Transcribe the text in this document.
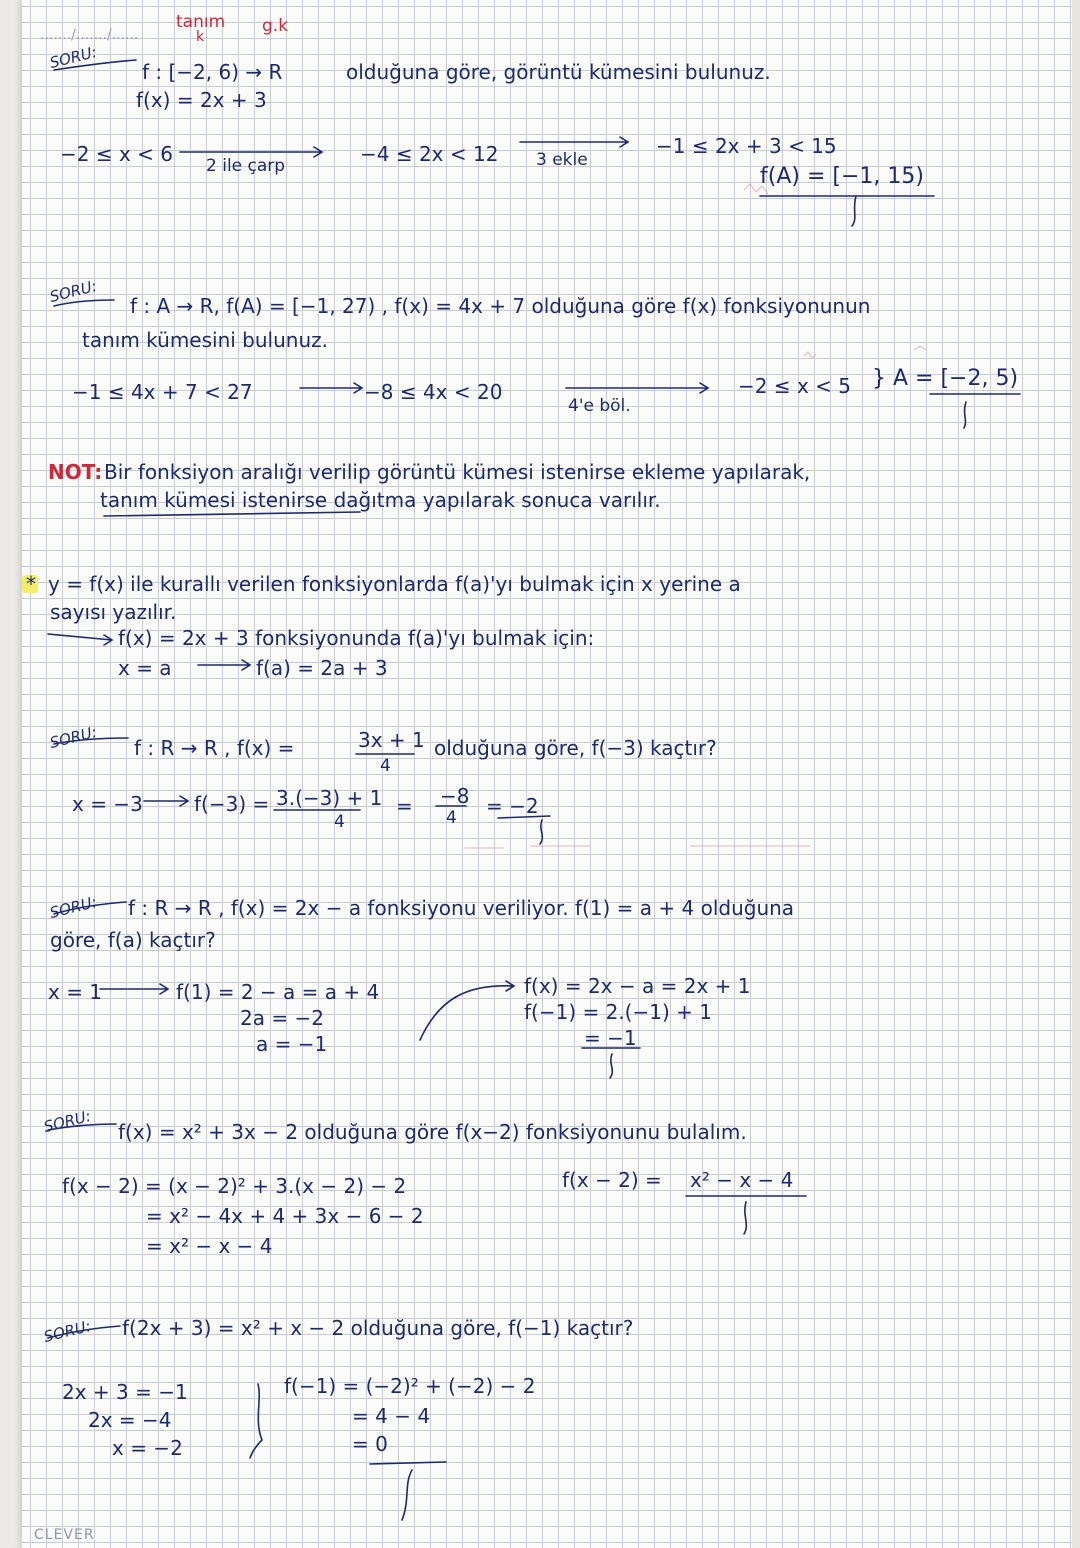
......./......./......
tanım
k
g.k
SORU:
f : [−2, 6) → R
f(x) = 2x + 3
olduğuna göre, görüntü kümesini bulunuz.
−2 ≤ x < 6 2 ile çarp	−4 ≤ 2x < 12 3 ekle
−1 ≤ 2x + 3 < 15
f(A) = [−1, 15)
SORU:
f : A → R, f(A) = [−1, 27) , f(x) = 4x + 7 olduğuna göre f(x) fonksiyonunun
tanım kümesini bulunuz.
−1 ≤ 4x + 7 < 27	−8 ≤ 4x < 20
4'e böl.
−2 ≤ x < 5 } A = [−2, 5)
NOT: Bir fonksiyon aralığı verilip görüntü kümesi istenirse ekleme yapılarak,
tanım kümesi istenirse dağıtma yapılarak sonuca varılır.
* y = f(x) ile kurallı verilen fonksiyonlarda f(a)'yı bulmak için x yerine a
sayısı yazılır.
f(x) = 2x + 3 fonksiyonunda f(a)'yı bulmak için:
x = a	f(a) = 2a + 3
SORU: f : R → R , f(x) =	3x + 1
4
olduğuna göre, f(−3) kaçtır?
x = −3	f(−3) = 3.(−3) + 1
4
= −8
4 = −2
SORU: f : R → R , f(x) = 2x − a fonksiyonu veriliyor. f(1) = a + 4 olduğuna
göre, f(a) kaçtır?
x = 1	f(1) = 2 − a = a + 4
2a = −2
a = −1
f(x) = 2x − a = 2x + 1
f(−1) = 2.(−1) + 1
= −1
SORU: f(x) = x² + 3x − 2 olduğuna göre f(x−2) fonksiyonunu bulalım.
f(x − 2) = (x − 2)² + 3.(x − 2) − 2
= x² − 4x + 4 + 3x − 6 − 2
= x² − x − 4
f(x − 2) = x² − x − 4
SORU: f(2x + 3) = x² + x − 2 olduğuna göre, f(−1) kaçtır?
2x + 3 = −1
2x = −4
x = −2
f(−1) = (−2)² + (−2) − 2
= 4 − 4
= 0
CLEVER
